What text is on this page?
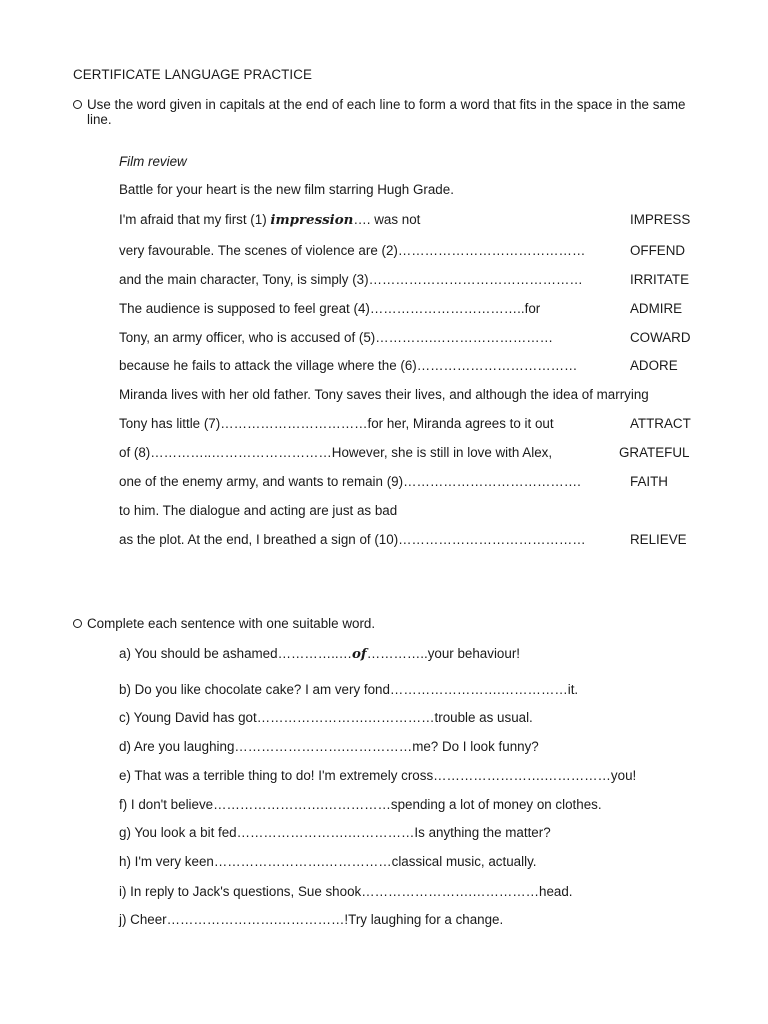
CERTIFICATE LANGUAGE PRACTICE
Use the word given in capitals at the end of each line to form a word that fits in the space in the same line.
Film review
Battle for your heart is the new film starring Hugh Grade.
I'm afraid that my first (1) impression…. was not	IMPRESS
very favourable. The scenes of violence are (2)……………………………………	OFFEND
and the main character, Tony, is simply (3)…………………………………………	IRRITATE
The audience is supposed to feel great (4)……………………………..for	ADMIRE
Tony, an army officer, who is accused of (5)………….………………………	COWARD
because he fails to attack the village where the (6)………………………………	ADORE
Miranda lives with her old father. Tony saves their lives, and although the idea of marrying
Tony has little (7)……………………………for her, Miranda agrees to it out	ATTRACT
of (8)…………..………………………However, she is still in love with Alex,	GRATEFUL
one of the enemy army, and wants to remain (9)………………………………….	FAITH
to him. The dialogue and acting are just as bad
as the plot. At the end, I breathed a sign of (10)……………………………………	RELIEVE
Complete each sentence with one suitable word.
a) You should be ashamed…………..…of…………..your behaviour!
b) Do you like chocolate cake? I am very fond…………………….……………it.
c) Young David has got…………………….……………trouble as usual.
d) Are you laughing…………………….……………me? Do I look funny?
e) That was a terrible thing to do! I'm extremely cross…………………….……………you!
f) I don't believe…………………….……………spending a lot of money on clothes.
g) You look a bit fed…………………….……………Is anything the matter?
h) I'm very keen…………………….……………classical music, actually.
i) In reply to Jack's questions, Sue shook…………………….……………head.
j) Cheer…………………….……………!Try laughing for a change.
